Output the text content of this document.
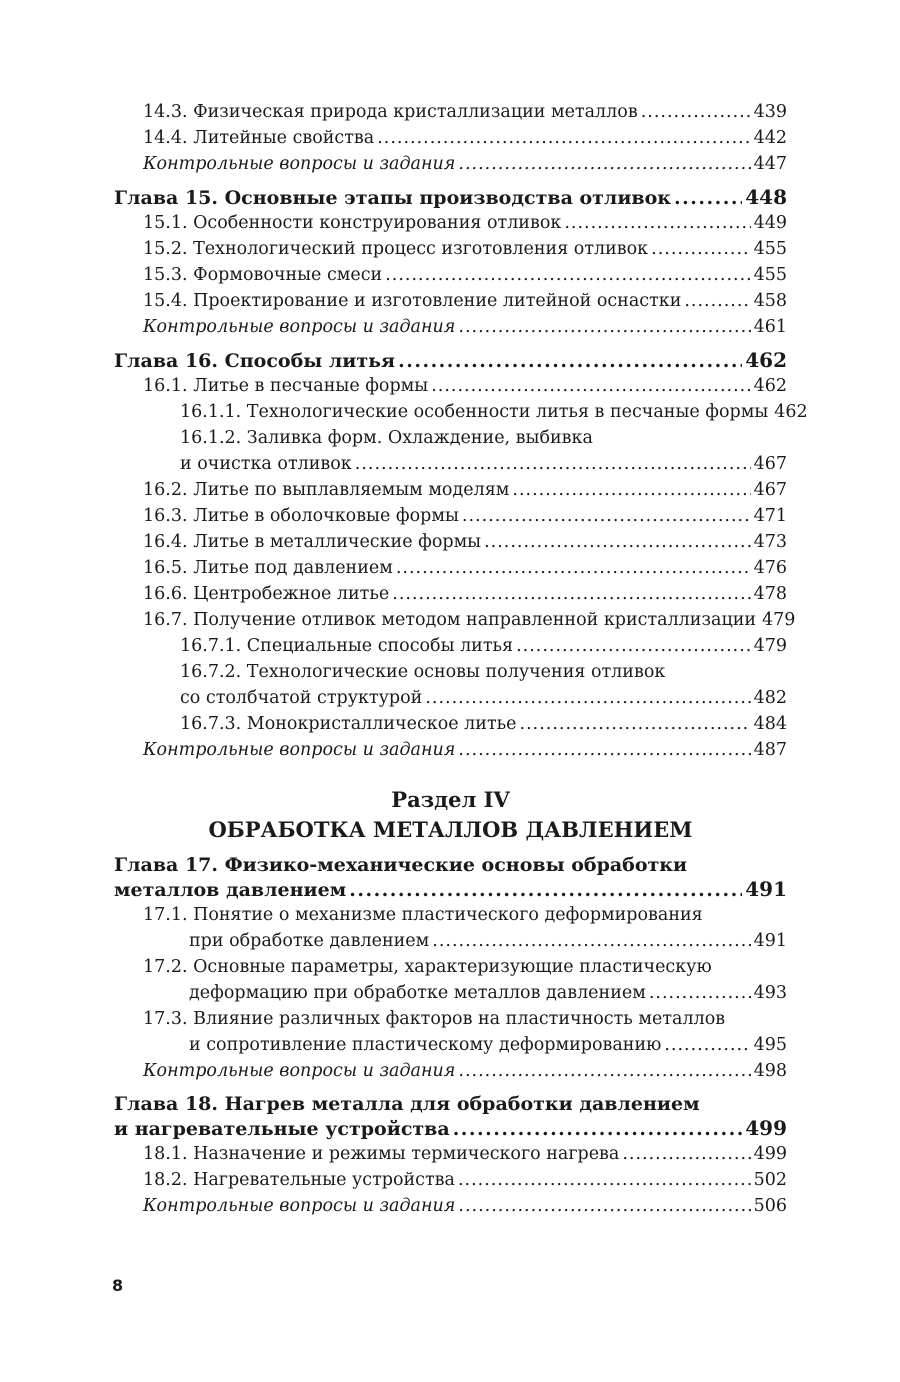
14.3. Физическая природа кристаллизации металлов .....	439
14.4. Литейные свойства .....	442
Контрольные вопросы и задания .....	447
Глава 15. Основные этапы производства отливок .....	448
15.1. Особенности конструирования отливок .....	449
15.2. Технологический процесс изготовления отливок .....	455
15.3. Формовочные смеси .....	455
15.4. Проектирование и изготовление литейной оснастки .....	458
Контрольные вопросы и задания .....	461
Глава 16. Способы литья .....	462
16.1. Литье в песчаные формы .....	462
16.1.1. Технологические особенности литья в песчаные формы 462
16.1.2. Заливка форм. Охлаждение, выбивка
и очистка отливок .....	467
16.2. Литье по выплавляемым моделям .....	467
16.3. Литье в оболочковые формы .....	471
16.4. Литье в металлические формы .....	473
16.5. Литье под давлением .....	476
16.6. Центробежное литье .....	478
16.7. Получение отливок методом направленной кристаллизации 479
16.7.1. Специальные способы литья .....	479
16.7.2. Технологические основы получения отливок
со столбчатой структурой .....	482
16.7.3. Монокристаллическое литье .....	484
Контрольные вопросы и задания .....	487
Раздел IV
ОБРАБОТКА МЕТАЛЛОВ ДАВЛЕНИЕМ
Глава 17. Физико-механические основы обработки
металлов давлением .....	491
17.1. Понятие о механизме пластического деформирования
при обработке давлением .....	491
17.2. Основные параметры, характеризующие пластическую
деформацию при обработке металлов давлением .....	493
17.3. Влияние различных факторов на пластичность металлов
и сопротивление пластическому деформированию .....	495
Контрольные вопросы и задания .....	498
Глава 18. Нагрев металла для обработки давлением
и нагревательные устройства .....	499
18.1. Назначение и режимы термического нагрева .....	499
18.2. Нагревательные устройства .....	502
Контрольные вопросы и задания .....	506
8
